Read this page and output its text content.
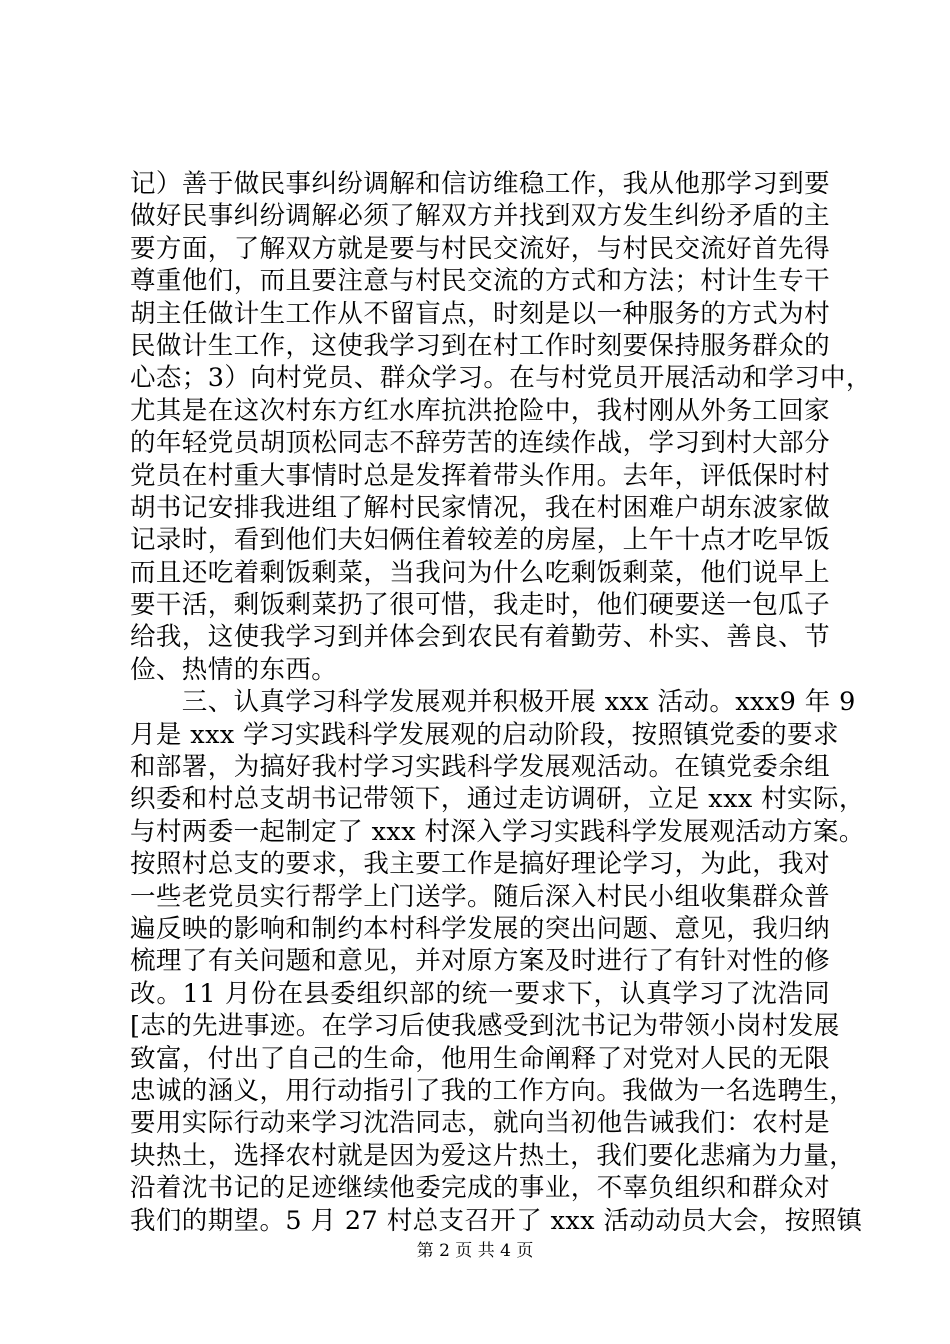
记）善于做民事纠纷调解和信访维稳工作，我从他那学习到要
做好民事纠纷调解必须了解双方并找到双方发生纠纷矛盾的主
要方面，了解双方就是要与村民交流好，与村民交流好首先得
尊重他们，而且要注意与村民交流的方式和方法；村计生专干
胡主任做计生工作从不留盲点，时刻是以一种服务的方式为村
民做计生工作，这使我学习到在村工作时刻要保持服务群众的
心态；3）向村党员、群众学习。在与村党员开展活动和学习中，
尤其是在这次村东方红水库抗洪抢险中，我村刚从外务工回家
的年轻党员胡顶松同志不辞劳苦的连续作战，学习到村大部分
党员在村重大事情时总是发挥着带头作用。去年，评低保时村
胡书记安排我进组了解村民家情况，我在村困难户胡东波家做
记录时，看到他们夫妇俩住着较差的房屋，上午十点才吃早饭
而且还吃着剩饭剩菜，当我问为什么吃剩饭剩菜，他们说早上
要干活，剩饭剩菜扔了很可惜，我走时，他们硬要送一包瓜子
给我，这使我学习到并体会到农民有着勤劳、朴实、善良、节
俭、热情的东西。
　　三、认真学习科学发展观并积极开展 xxx 活动。xxx9 年 9
月是 xxx 学习实践科学发展观的启动阶段，按照镇党委的要求
和部署，为搞好我村学习实践科学发展观活动。在镇党委余组
织委和村总支胡书记带领下，通过走访调研，立足 xxx 村实际，
与村两委一起制定了 xxx 村深入学习实践科学发展观活动方案。
按照村总支的要求，我主要工作是搞好理论学习，为此，我对
一些老党员实行帮学上门送学。随后深入村民小组收集群众普
遍反映的影响和制约本村科学发展的突出问题、意见，我归纳
梳理了有关问题和意见，并对原方案及时进行了有针对性的修
改。11 月份在县委组织部的统一要求下，认真学习了沈浩同
[志的先进事迹。在学习后使我感受到沈书记为带领小岗村发展
致富，付出了自己的生命，他用生命阐释了对党对人民的无限
忠诚的涵义，用行动指引了我的工作方向。我做为一名选聘生，
要用实际行动来学习沈浩同志，就向当初他告诫我们：农村是
块热土，选择农村就是因为爱这片热土，我们要化悲痛为力量，
沿着沈书记的足迹继续他委完成的事业，不辜负组织和群众对
我们的期望。5 月 27 村总支召开了 xxx 活动动员大会，按照镇
第 2 页 共 4 页
